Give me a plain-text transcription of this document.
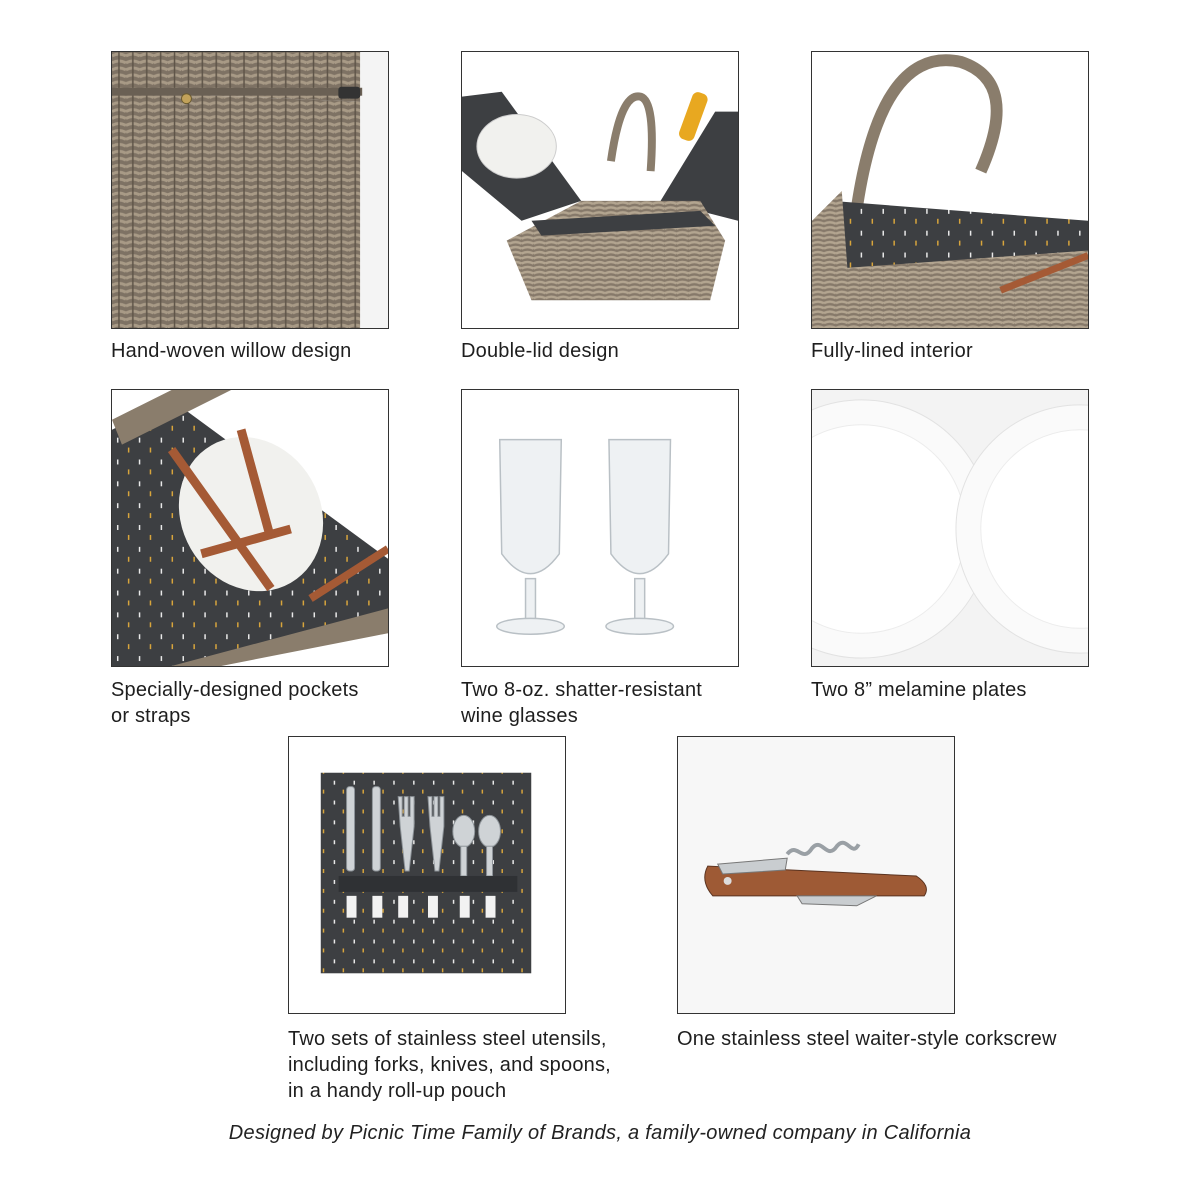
Hand-woven willow design	Double-lid design	Fully-lined interior

Specially-designed pockets
or straps

Two 8-oz. shatter-resistant
wine glasses

Two 8” melamine plates

Two sets of stainless steel utensils,
including forks, knives, and spoons,
in a handy roll-up pouch

One stainless steel waiter-style corkscrew

Designed by Picnic Time Family of Brands, a family-owned company in California
